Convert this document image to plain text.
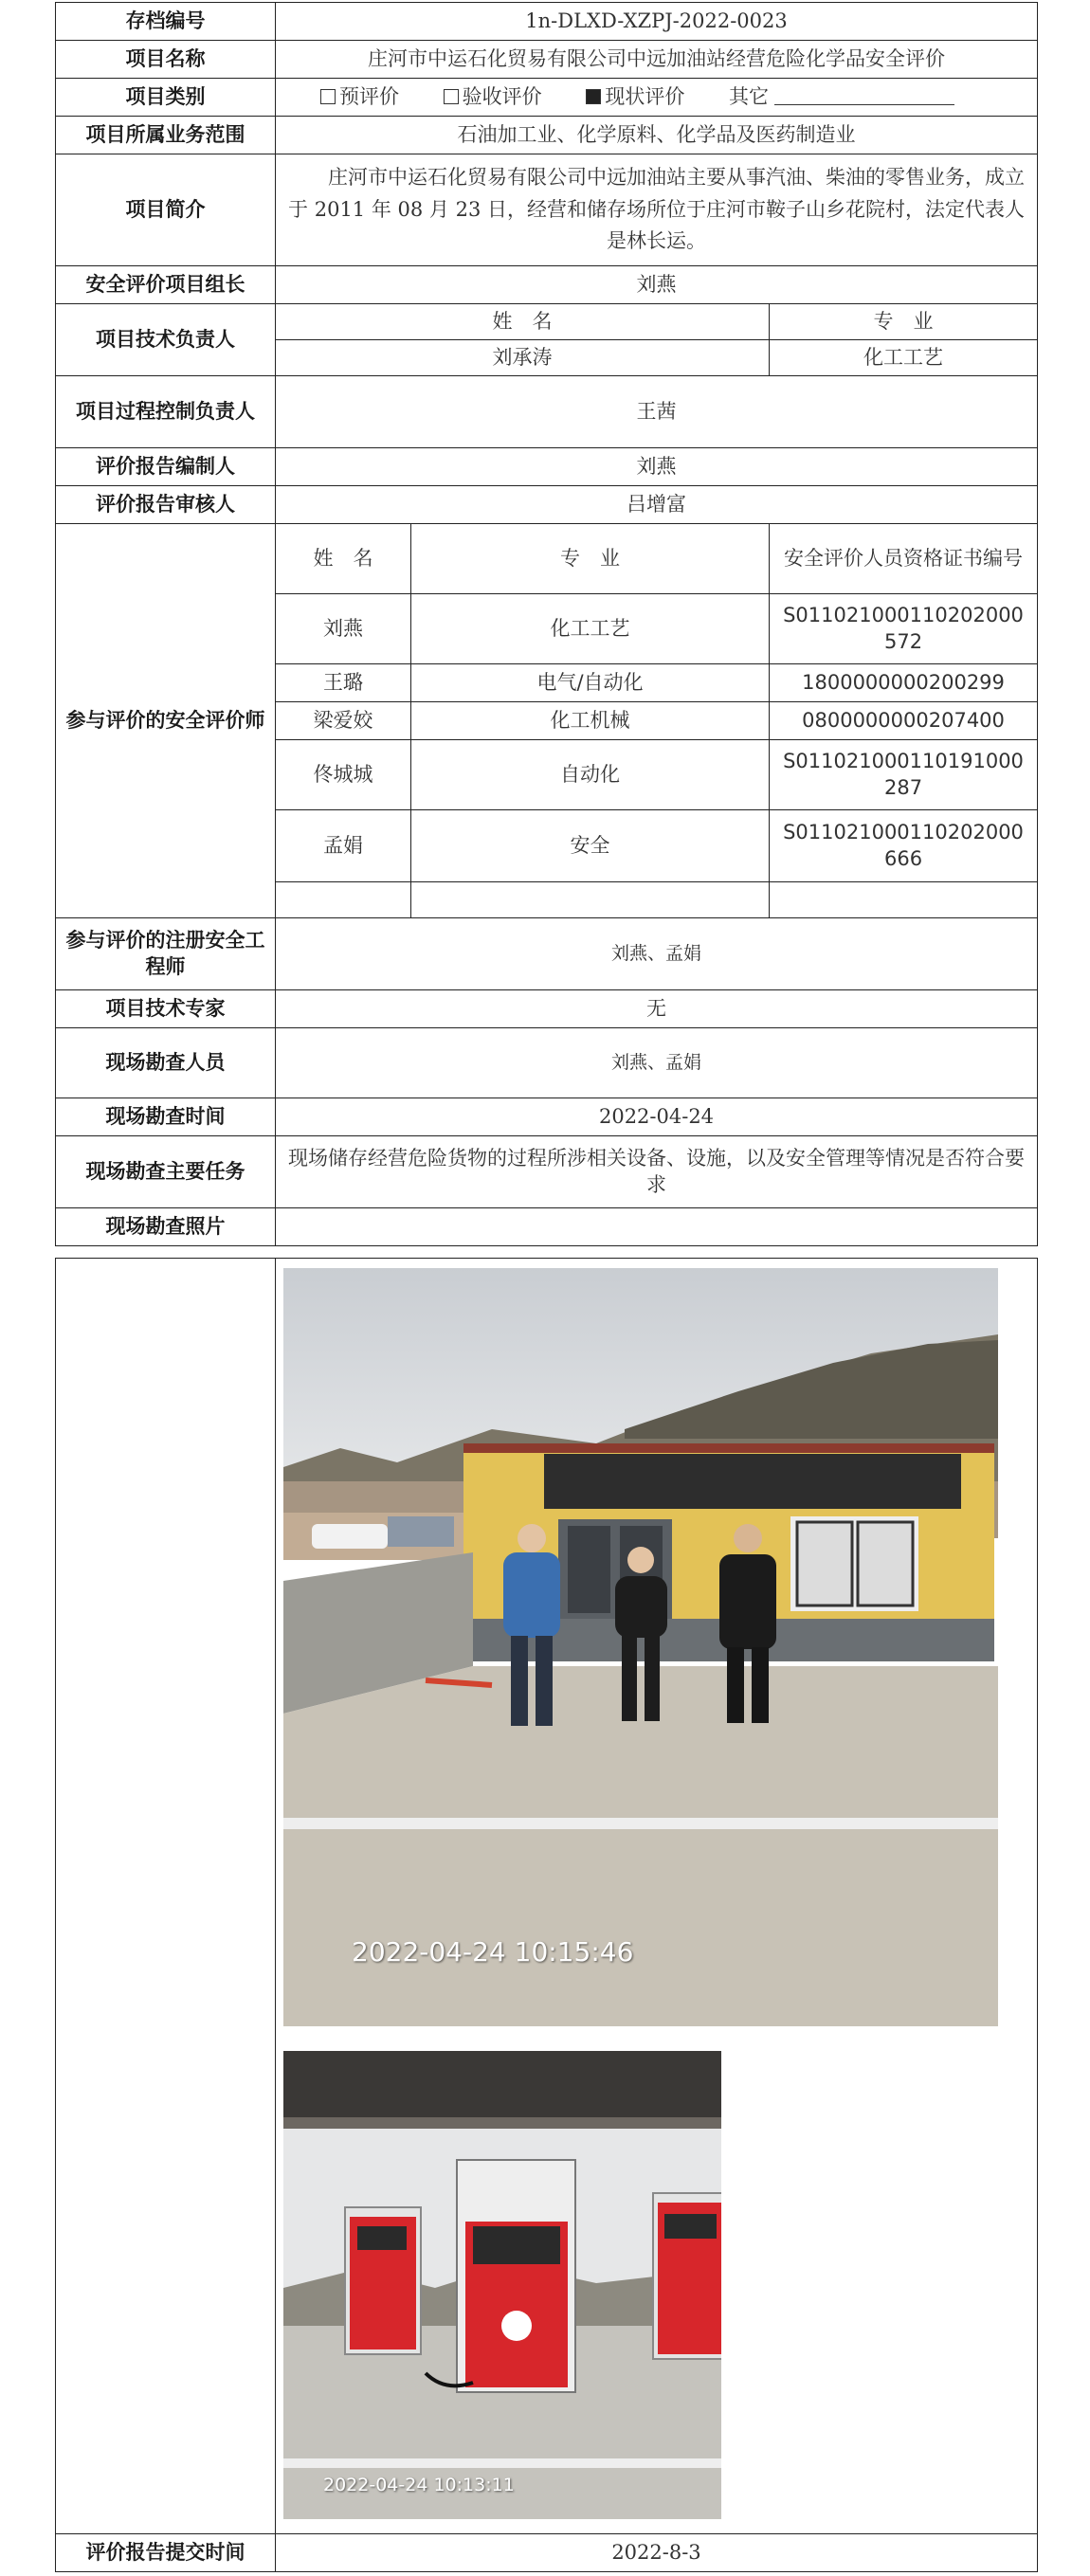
存档编号	1n-DLXD-XZPJ-2022-0023		
项目名称	庄河市中运石化贸易有限公司中远加油站经营危险化学品安全评价		
项目类别	预评价 验收评价 现状评价 其它		
项目所属业务范围	石油加工业、化学原料、化学品及医药制造业		
项目简介	庄河市中运石化贸易有限公司中远加油站主要从事汽油、柴油的零售业务，成立于 2011 年 08 月 23 日，经营和储存场所位于庄河市鞍子山乡花院村，法定代表人是林长运。		
安全评价项目组长	刘燕		
项目技术负责人	姓　名		专　业
	刘承涛		化工工艺
项目过程控制负责人	王茜		
评价报告编制人	刘燕		
评价报告审核人	吕增富		
参与评价的安全评价师	姓　名	专　业	安全评价人员资格证书编号
	刘燕	化工工艺	S011021000110202000572
	王璐	电气/自动化	1800000000200299
	梁爱姣	化工机械	0800000000207400
	佟城城	自动化	S011021000110191000287
	孟娟	安全	S011021000110202000666

参与评价的注册安全工程师	刘燕、孟娟		
项目技术专家	无		
现场勘查人员	刘燕、孟娟		
现场勘查时间	2022-04-24		
现场勘查主要任务	现场储存经营危险货物的过程所涉相关设备、设施，以及安全管理等情况是否符合要求		
现场勘查照片			

	2022-04-24 10:15:46
2022-04-24 10:13:11

评价报告提交时间	2022-8-3
